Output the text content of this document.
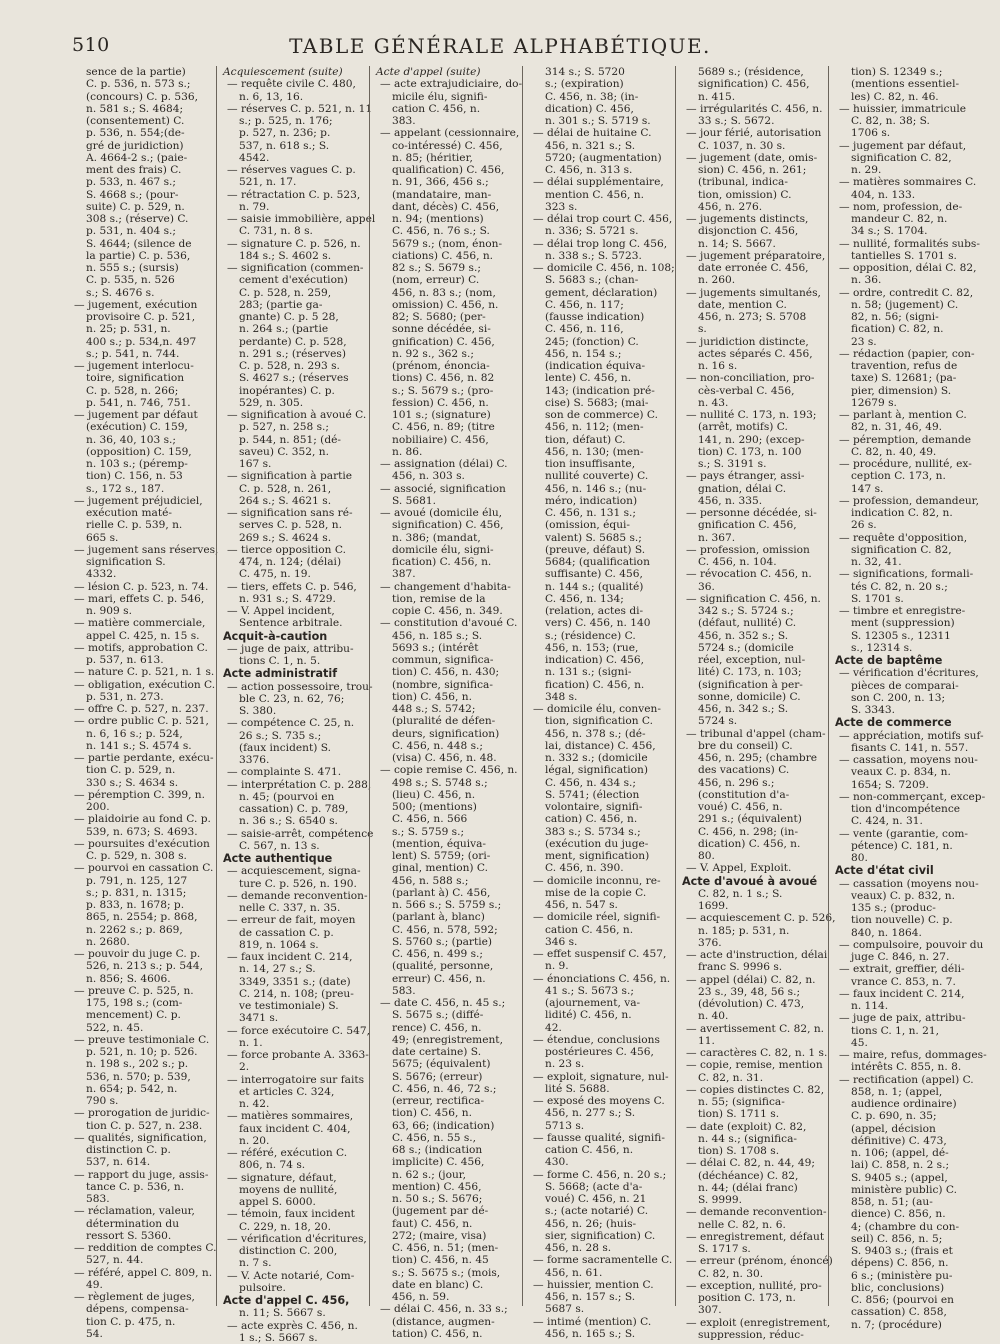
510	TABLE GÉNÉRALE ALPHABÉTIQUE.
sence de la partie)
C. p. 536, n. 573 s.;
(concours) C. p. 536,
n. 581 s.; S. 4684;
(consentement) C.
p. 536, n. 554;(de-
gré de juridiction)
A. 4664-2 s.; (paie-
ment des frais) C.
p. 533, n. 467 s.;
S. 4668 s.; (pour-
suite) C. p. 529, n.
308 s.; (réserve) C.
p. 531, n. 404 s.;
S. 4644; (silence de
la partie) C. p. 536,
n. 555 s.; (sursis)
C. p. 535, n. 526
s.; S. 4676 s.
— jugement, exécution
provisoire C. p. 521,
n. 25; p. 531, n.
400 s.; p. 534,n. 497
s.; p. 541, n. 744.
— jugement interlocu-
toire, signification
C. p. 528, n. 266;
p. 541, n. 746, 751.
— jugement par défaut
(exécution) C. 159,
n. 36, 40, 103 s.;
(opposition) C. 159,
n. 103 s.; (péremp-
tion) C. 156, n. 53
s., 172 s., 187.
— jugement préjudiciel,
exécution maté-
rielle C. p. 539, n.
665 s.
— jugement sans réserves,
signification S.
4332.
— lésion C. p. 523, n. 74.
— mari, effets C. p. 546,
n. 909 s.
— matière commerciale,
appel C. 425, n. 15 s.
— motifs, approbation C.
p. 537, n. 613.
— nature C. p. 521, n. 1 s.
— obligation, exécution C.
p. 531, n. 273.
— offre C. p. 527, n. 237.
— ordre public C. p. 521,
n. 6, 16 s.; p. 524,
n. 141 s.; S. 4574 s.
— partie perdante, exécu-
tion C. p. 529, n.
330 s.; S. 4634 s.
— péremption C. 399, n.
200.
— plaidoirie au fond C. p.
539, n. 673; S. 4693.
— poursuites d'exécution
C. p. 529, n. 308 s.
— pourvoi en cassation C.
p. 791, n. 125, 127
s.; p. 831, n. 1315;
p. 833, n. 1678; p.
865, n. 2554; p. 868,
n. 2262 s.; p. 869,
n. 2680.
— pouvoir du juge C. p.
526, n. 213 s.; p. 544,
n. 856; S. 4606.
— preuve C. p. 525, n.
175, 198 s.; (com-
mencement) C. p.
522, n. 45.
— preuve testimoniale C.
p. 521, n. 10; p. 526.
n. 198 s., 202 s.; p.
536, n. 570; p. 539,
n. 654; p. 542, n.
790 s.
— prorogation de juridic-
tion C. p. 527, n. 238.
— qualités, signification,
distinction C. p.
537, n. 614.
— rapport du juge, assis-
tance C. p. 536, n.
583.
— réclamation, valeur,
détermination du
ressort S. 5360.
— reddition de comptes C.
527, n. 44.
— référé, appel C. 809, n.
49.
— règlement de juges,
dépens, compensa-
tion C. p. 475, n.
54.
Acquiescement (suite)
— requête civile C. 480,
n. 6, 13, 16.
— réserves C. p. 521, n. 11
s.; p. 525, n. 176;
p. 527, n. 236; p.
537, n. 618 s.; S.
4542.
— réserves vagues C. p.
521, n. 17.
— rétractation C. p. 523,
n. 79.
— saisie immobilière, appel
C. 731, n. 8 s.
— signature C. p. 526, n.
184 s.; S. 4602 s.
— signification (commen-
cement d'exécution)
C. p. 528, n. 259,
283; (partie ga-
gnante) C. p. 5 28,
n. 264 s.; (partie
perdante) C. p. 528,
n. 291 s.; (réserves)
C. p. 528, n. 293 s.
S. 4627 s.; (réserves
inopérantes) C. p.
529, n. 305.
— signification à avoué C.
p. 527, n. 258 s.;
p. 544, n. 851; (dé-
saveu) C. 352, n.
167 s.
— signification à partie
C. p. 528, n. 261,
264 s.; S. 4621 s.
— signification sans ré-
serves C. p. 528, n.
269 s.; S. 4624 s.
— tierce opposition C.
474, n. 124; (délai)
C. 475, n. 19.
— tiers, effets C. p. 546,
n. 931 s.; S. 4729.
— V. Appel incident,
Sentence arbitrale.
Acquit-à-caution
— juge de paix, attribu-
tions C. 1, n. 5.
Acte administratif
— action possessoire, trou-
ble C. 23, n. 62, 76;
S. 380.
— compétence C. 25, n.
26 s.; S. 735 s.;
(faux incident) S.
3376.
— complainte S. 471.
— interprétation C. p. 288,
n. 45; (pourvoi en
cassation) C. p. 789,
n. 36 s.; S. 6540 s.
— saisie-arrêt, compétence
C. 567, n. 13 s.
Acte authentique
— acquiescement, signa-
ture C. p. 526, n. 190.
— demande reconvention-
nelle C. 337, n. 35.
— erreur de fait, moyen
de cassation C. p.
819, n. 1064 s.
— faux incident C. 214,
n. 14, 27 s.; S.
3349, 3351 s.; (date)
C. 214, n. 108; (preu-
ve testimoniale) S.
3471 s.
— force exécutoire C. 547,
n. 1.
— force probante A. 3363-
2.
— interrogatoire sur faits
et articles C. 324,
n. 42.
— matières sommaires,
faux incident C. 404,
n. 20.
— référé, exécution C.
806, n. 74 s.
— signature, défaut,
moyens de nullité,
appel S. 6000.
— témoin, faux incident
C. 229, n. 18, 20.
— vérification d'écritures,
distinction C. 200,
n. 7 s.
— V. Acte notarié, Com-
pulsoire.
Acte d'appel C. 456,
n. 11; S. 5667 s.
— acte exprès C. 456, n.
1 s.; S. 5667 s.
Acte d'appel (suite)
— acte extrajudiciaire, do-
micile élu, signifi-
cation C. 456, n.
383.
— appelant (cessionnaire,
co-intéressé) C. 456,
n. 85; (héritier,
qualification) C. 456,
n. 91, 366, 456 s.;
(mandataire, man-
dant, décès) C. 456,
n. 94; (mentions)
C. 456, n. 76 s.; S.
5679 s.; (nom, énon-
ciations) C. 456, n.
82 s.; S. 5679 s.;
(nom, erreur) C.
456, n. 83 s.; (nom,
omission) C. 456, n.
82; S. 5680; (per-
sonne décédée, si-
gnification) C. 456,
n. 92 s., 362 s.;
(prénom, énoncia-
tions) C. 456, n. 82
s.; S. 5679 s.; (pro-
fession) C. 456, n.
101 s.; (signature)
C. 456, n. 89; (titre
nobiliaire) C. 456,
n. 86.
— assignation (délai) C.
456, n. 303 s.
— associé, signification
S. 5681.
— avoué (domicile élu,
signification) C. 456,
n. 386; (mandat,
domicile élu, signi-
fication) C. 456, n.
387.
— changement d'habita-
tion, remise de la
copie C. 456, n. 349.
— constitution d'avoué C.
456, n. 185 s.; S.
5693 s.; (intérêt
commun, significa-
tion) C. 456, n. 430;
(nombre, significa-
tion) C. 456, n.
448 s.; S. 5742;
(pluralité de défen-
deurs, signification)
C. 456, n. 448 s.;
(visa) C. 456, n. 48.
— copie remise C. 456, n.
498 s.; S. 5748 s.;
(lieu) C. 456, n.
500; (mentions)
C. 456, n. 566
s.; S. 5759 s.;
(mention, équiva-
lent) S. 5759; (ori-
ginal, mention) C.
456, n. 588 s.;
(parlant à) C. 456,
n. 566 s.; S. 5759 s.;
(parlant à, blanc)
C. 456, n. 578, 592;
S. 5760 s.; (partie)
C. 456, n. 499 s.;
(qualité, personne,
erreur) C. 456, n.
583.
— date C. 456, n. 45 s.;
S. 5675 s.; (diffé-
rence) C. 456, n.
49; (enregistrement,
date certaine) S.
5675; (équivalent)
S. 5676; (erreur)
C. 456, n. 46, 72 s.;
(erreur, rectifica-
tion) C. 456, n.
63, 66; (indication)
C. 456, n. 55 s.,
68 s.; (indication
implicite) C. 456,
n. 62 s.; (jour,
mention) C. 456,
n. 50 s.; S. 5676;
(jugement par dé-
faut) C. 456, n.
272; (maire, visa)
C. 456, n. 51; (men-
tion) C. 456, n. 45
s.; S. 5675 s.; (mois,
date en blanc) C.
456, n. 59.
— délai C. 456, n. 33 s.;
(distance, augmen-
tation) C. 456, n.
314 s.; S. 5720
s.; (expiration)
C. 456, n. 38; (in-
dication) C. 456,
n. 301 s.; S. 5719 s.
— délai de huitaine C.
456, n. 321 s.; S.
5720; (augmentation)
C. 456, n. 313 s.
— délai supplémentaire,
mention C. 456, n.
323 s.
— délai trop court C. 456,
n. 336; S. 5721 s.
— délai trop long C. 456,
n. 338 s.; S. 5723.
— domicile C. 456, n. 108;
S. 5683 s.; (chan-
gement, déclaration)
C. 456, n. 117;
(fausse indication)
C. 456, n. 116,
245; (fonction) C.
456, n. 154 s.;
(indication équiva-
lente) C. 456, n.
143; (indication pré-
cise) S. 5683; (mai-
son de commerce) C.
456, n. 112; (men-
tion, défaut) C.
456, n. 130; (men-
tion insuffisante,
nullité couverte) C.
456, n. 146 s.; (nu-
méro, indication)
C. 456, n. 131 s.;
(omission, équi-
valent) S. 5685 s.;
(preuve, défaut) S.
5684; (qualification
suffisante) C. 456,
n. 144 s.; (qualité)
C. 456, n. 134;
(relation, actes di-
vers) C. 456, n. 140
s.; (résidence) C.
456, n. 153; (rue,
indication) C. 456,
n. 131 s.; (signi-
fication) C. 456, n.
348 s.
— domicile élu, conven-
tion, signification C.
456, n. 378 s.; (dé-
lai, distance) C. 456,
n. 332 s.; (domicile
légal, signification)
C. 456, n. 434 s.;
S. 5741; (élection
volontaire, signifi-
cation) C. 456, n.
383 s.; S. 5734 s.;
(exécution du juge-
ment, signification)
C. 456, n. 390.
— domicile inconnu, re-
mise de la copie C.
456, n. 547 s.
— domicile réel, signifi-
cation C. 456, n.
346 s.
— effet suspensif C. 457,
n. 9.
— énonciations C. 456, n.
41 s.; S. 5673 s.;
(ajournement, va-
lidité) C. 456, n.
42.
— étendue, conclusions
postérieures C. 456,
n. 23 s.
— exploit, signature, nul-
lité S. 5688.
— exposé des moyens C.
456, n. 277 s.; S.
5713 s.
— fausse qualité, signifi-
cation C. 456, n.
430.
— forme C. 456, n. 20 s.;
S. 5668; (acte d'a-
voué) C. 456, n. 21
s.; (acte notarié) C.
456, n. 26; (huis-
sier, signification) C.
456, n. 28 s.
— forme sacramentelle C.
456, n. 61.
— huissier, mention C.
456, n. 157 s.; S.
5687 s.
— intimé (mention) C.
456, n. 165 s.; S.
5689 s.; (résidence,
signification) C. 456,
n. 415.
— irrégularités C. 456, n.
33 s.; S. 5672.
— jour férié, autorisation
C. 1037, n. 30 s.
— jugement (date, omis-
sion) C. 456, n. 261;
(tribunal, indica-
tion, omission) C.
456, n. 276.
— jugements distincts,
disjonction C. 456,
n. 14; S. 5667.
— jugement préparatoire,
date erronée C. 456,
n. 260.
— jugements simultanés,
date, mention C.
456, n. 273; S. 5708
s.
— juridiction distincte,
actes séparés C. 456,
n. 16 s.
— non-conciliation, pro-
cès-verbal C. 456,
n. 43.
— nullité C. 173, n. 193;
(arrêt, motifs) C.
141, n. 290; (excep-
tion) C. 173, n. 100
s.; S. 3191 s.
— pays étranger, assi-
gnation, délai C.
456, n. 335.
— personne décédée, si-
gnification C. 456,
n. 367.
— profession, omission
C. 456, n. 104.
— révocation C. 456, n.
36.
— signification C. 456, n.
342 s.; S. 5724 s.;
(défaut, nullité) C.
456, n. 352 s.; S.
5724 s.; (domicile
réel, exception, nul-
lité) C. 173, n. 103;
(signification à per-
sonne, domicile) C.
456, n. 342 s.; S.
5724 s.
— tribunal d'appel (cham-
bre du conseil) C.
456, n. 295; (chambre
des vacations) C.
456, n. 296 s.;
(constitution d'a-
voué) C. 456, n.
291 s.; (équivalent)
C. 456, n. 298; (in-
dication) C. 456, n.
80.
— V. Appel, Exploit.
Acte d'avoué à avoué
C. 82, n. 1 s.; S.
1699.
— acquiescement C. p. 526,
n. 185; p. 531, n.
376.
— acte d'instruction, délai
franc S. 9996 s.
— appel (délai) C. 82, n.
23 s., 39, 48, 56 s.;
(dévolution) C. 473,
n. 40.
— avertissement C. 82, n.
11.
— caractères C. 82, n. 1 s.
— copie, remise, mention
C. 82, n. 31.
— copies distinctes C. 82,
n. 55; (significa-
tion) S. 1711 s.
— date (exploit) C. 82,
n. 44 s.; (significa-
tion) S. 1708 s.
— délai C. 82, n. 44, 49;
(déchéance) C. 82,
n. 44; (délai franc)
S. 9999.
— demande reconvention-
nelle C. 82, n. 6.
— enregistrement, défaut
S. 1717 s.
— erreur (prénom, énoncé)
C. 82, n. 30.
— exception, nullité, pro-
position C. 173, n.
307.
— exploit (enregistrement,
suppression, réduc-
tion) S. 12349 s.;
(mentions essentiel-
les) C. 82, n. 46.
— huissier, immatricule
C. 82, n. 38; S.
1706 s.
— jugement par défaut,
signification C. 82,
n. 29.
— matières sommaires C.
404, n. 133.
— nom, profession, de-
mandeur C. 82, n.
34 s.; S. 1704.
— nullité, formalités subs-
tantielles S. 1701 s.
— opposition, délai C. 82,
n. 36.
— ordre, contredit C. 82,
n. 58; (jugement) C.
82, n. 56; (signi-
fication) C. 82, n.
23 s.
— rédaction (papier, con-
travention, refus de
taxe) S. 12681; (pa-
pier, dimension) S.
12679 s.
— parlant à, mention C.
82, n. 31, 46, 49.
— péremption, demande
C. 82, n. 40, 49.
— procédure, nullité, ex-
ception C. 173, n.
147 s.
— profession, demandeur,
indication C. 82, n.
26 s.
— requête d'opposition,
signification C. 82,
n. 32, 41.
— significations, formali-
tés C. 82, n. 20 s.;
S. 1701 s.
— timbre et enregistre-
ment (suppression)
S. 12305 s., 12311
s., 12314 s.
Acte de baptême
— vérification d'écritures,
pièces de comparai-
son C. 200, n. 13;
S. 3343.
Acte de commerce
— appréciation, motifs suf-
fisants C. 141, n. 557.
— cassation, moyens nou-
veaux C. p. 834, n.
1654; S. 7209.
— non-commerçant, excep-
tion d'incompétence
C. 424, n. 31.
— vente (garantie, com-
pétence) C. 181, n.
80.
Acte d'état civil
— cassation (moyens nou-
veaux) C. p. 832, n.
135 s.; (produc-
tion nouvelle) C. p.
840, n. 1864.
— compulsoire, pouvoir du
juge C. 846, n. 27.
— extrait, greffier, déli-
vrance C. 853, n. 7.
— faux incident C. 214,
n. 114.
— juge de paix, attribu-
tions C. 1, n. 21,
45.
— maire, refus, dommages-
intérêts C. 855, n. 8.
— rectification (appel) C.
858, n. 1; (appel,
audience ordinaire)
C. p. 690, n. 35;
(appel, décision
définitive) C. 473,
n. 106; (appel, dé-
lai) C. 858, n. 2 s.;
S. 9405 s.; (appel,
ministère public) C.
858, n. 51; (au-
dience) C. 856, n.
4; (chambre du con-
seil) C. 856, n. 5;
S. 9403 s.; (frais et
dépens) C. 856, n.
6 s.; (ministère pu-
blic, conclusions)
C. 856; (pourvoi en
cassation) C. 858,
n. 7; (procédure)
